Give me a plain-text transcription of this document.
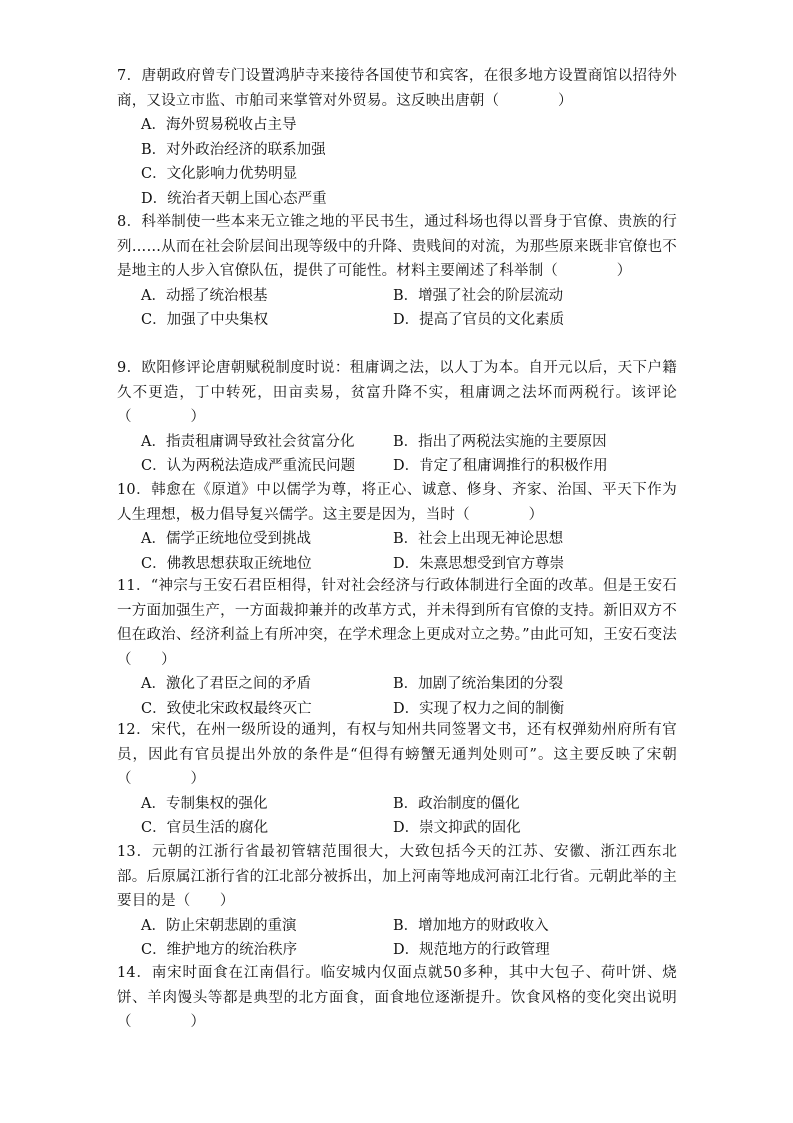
7．唐朝政府曾专门设置鸿胪寺来接待各国使节和宾客，在很多地方设置商馆以招待外商，又设立市监、市舶司来掌管对外贸易。这反映出唐朝（　　　　）

A．海外贸易税收占主导
B．对外政治经济的联系加强
C．文化影响力优势明显
D．统治者天朝上国心态严重

8．科举制使一些本来无立锥之地的平民书生，通过科场也得以晋身于官僚、贵族的行列……从而在社会阶层间出现等级中的升降、贵贱间的对流，为那些原来既非官僚也不是地主的人步入官僚队伍，提供了可能性。材料主要阐述了科举制（　　　　）

A．动摇了统治根基	B．增强了社会的阶层流动
C．加强了中央集权	D．提高了官员的文化素质

9．欧阳修评论唐朝赋税制度时说：租庸调之法，以人丁为本。自开元以后，天下户籍久不更造，丁中转死，田亩卖易，贫富升降不实，租庸调之法坏而两税行。该评论（　　　　）

A．指责租庸调导致社会贫富分化	B．指出了两税法实施的主要原因
C．认为两税法造成严重流民问题	D．肯定了租庸调推行的积极作用

10．韩愈在《原道》中以儒学为尊，将正心、诚意、修身、齐家、治国、平天下作为人生理想，极力倡导复兴儒学。这主要是因为，当时（　　　　）

A．儒学正统地位受到挑战	B．社会上出现无神论思想
C．佛教思想获取正统地位	D．朱熹思想受到官方尊崇

11．“神宗与王安石君臣相得，针对社会经济与行政体制进行全面的改革。但是王安石一方面加强生产，一方面裁抑兼并的改革方式，并未得到所有官僚的支持。新旧双方不但在政治、经济利益上有所冲突，在学术理念上更成对立之势。”由此可知，王安石变法（　　）

A．激化了君臣之间的矛盾	B．加剧了统治集团的分裂
C．致使北宋政权最终灭亡	D．实现了权力之间的制衡

12．宋代，在州一级所设的通判，有权与知州共同签署文书，还有权弹劾州府所有官员，因此有官员提出外放的条件是“但得有螃蟹无通判处则可”。这主要反映了宋朝（　　　　）

A．专制集权的强化	B．政治制度的僵化
C．官员生活的腐化	D．崇文抑武的固化

13．元朝的江浙行省最初管辖范围很大，大致包括今天的江苏、安徽、浙江西东北部。后原属江浙行省的江北部分被拆出，加上河南等地成河南江北行省。元朝此举的主要目的是（　　）

A．防止宋朝悲剧的重演	B．增加地方的财政收入
C．维护地方的统治秩序	D．规范地方的行政管理

14．南宋时面食在江南倡行。临安城内仅面点就50多种，其中大包子、荷叶饼、烧饼、羊肉馒头等都是典型的北方面食，面食地位逐渐提升。饮食风格的变化突出说明（　　　　）
